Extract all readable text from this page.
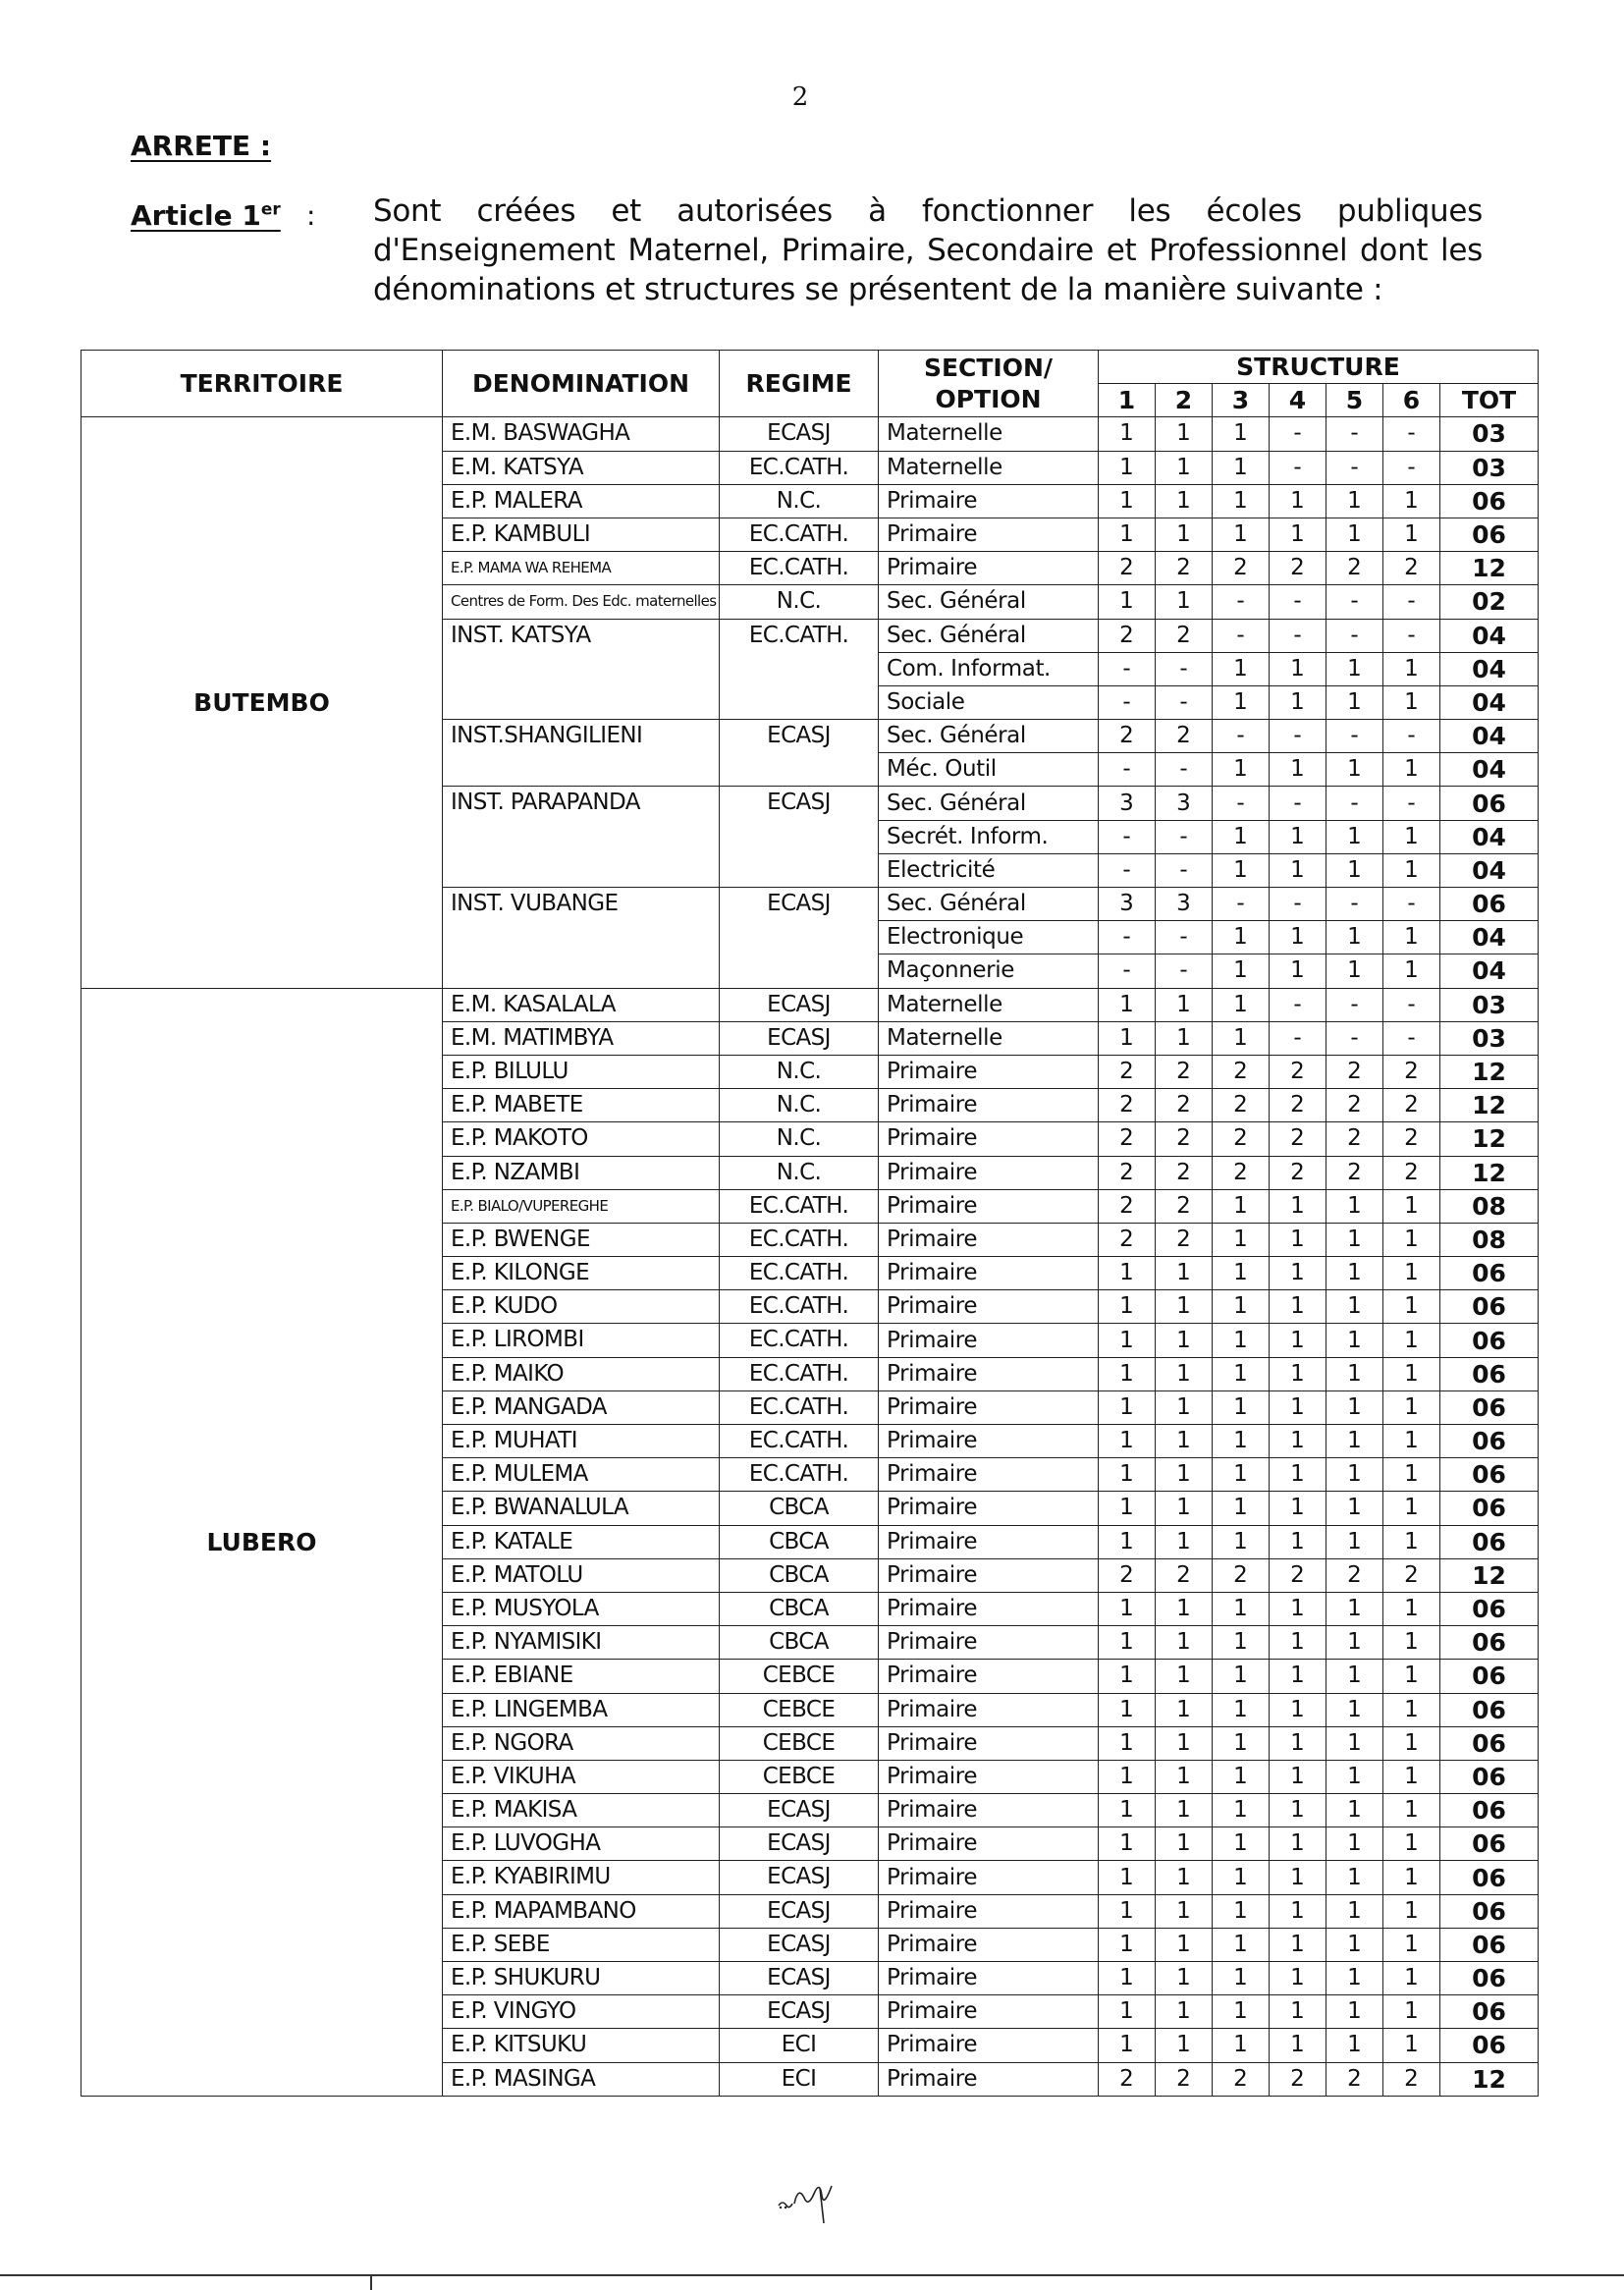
2
ARRETE :
Article 1er : Sont créées et autorisées à fonctionner les écoles publiques d'Enseignement Maternel, Primaire, Secondaire et Professionnel dont les dénominations et structures se présentent de la manière suivante :
TERRITOIRE	DENOMINATION	REGIME	SECTION/ OPTION	STRUCTURE						
				1	2	3	4	5	6	TOT
BUTEMBO	E.M. BASWAGHA	ECASJ	Maternelle	1	1	1	-	-	-	03
	E.M. KATSYA	EC.CATH.	Maternelle	1	1	1	-	-	-	03
	E.P. MALERA	N.C.	Primaire	1	1	1	1	1	1	06
	E.P. KAMBULI	EC.CATH.	Primaire	1	1	1	1	1	1	06
	E.P. MAMA WA REHEMA	EC.CATH.	Primaire	2	2	2	2	2	2	12
	Centres de Form. Des Edc. maternelles	N.C.	Sec. Général	1	1	-	-	-	-	02
	INST. KATSYA	EC.CATH.	Sec. Général	2	2	-	-	-	-	04
			Com. Informat.	-	-	1	1	1	1	04
			Sociale	-	-	1	1	1	1	04
	INST.SHANGILIENI	ECASJ	Sec. Général	2	2	-	-	-	-	04
			Méc. Outil	-	-	1	1	1	1	04
	INST. PARAPANDA	ECASJ	Sec. Général	3	3	-	-	-	-	06
			Secrét. Inform.	-	-	1	1	1	1	04
			Electricité	-	-	1	1	1	1	04
	INST. VUBANGE	ECASJ	Sec. Général	3	3	-	-	-	-	06
			Electronique	-	-	1	1	1	1	04
			Maçonnerie	-	-	1	1	1	1	04
LUBERO	E.M. KASALALA	ECASJ	Maternelle	1	1	1	-	-	-	03
	E.M. MATIMBYA	ECASJ	Maternelle	1	1	1	-	-	-	03
	E.P. BILULU	N.C.	Primaire	2	2	2	2	2	2	12
	E.P. MABETE	N.C.	Primaire	2	2	2	2	2	2	12
	E.P. MAKOTO	N.C.	Primaire	2	2	2	2	2	2	12
	E.P. NZAMBI	N.C.	Primaire	2	2	2	2	2	2	12
	E.P. BIALO/VUPEREGHE	EC.CATH.	Primaire	2	2	1	1	1	1	08
	E.P. BWENGE	EC.CATH.	Primaire	2	2	1	1	1	1	08
	E.P. KILONGE	EC.CATH.	Primaire	1	1	1	1	1	1	06
	E.P. KUDO	EC.CATH.	Primaire	1	1	1	1	1	1	06
	E.P. LIROMBI	EC.CATH.	Primaire	1	1	1	1	1	1	06
	E.P. MAIKO	EC.CATH.	Primaire	1	1	1	1	1	1	06
	E.P. MANGADA	EC.CATH.	Primaire	1	1	1	1	1	1	06
	E.P. MUHATI	EC.CATH.	Primaire	1	1	1	1	1	1	06
	E.P. MULEMA	EC.CATH.	Primaire	1	1	1	1	1	1	06
	E.P. BWANALULA	CBCA	Primaire	1	1	1	1	1	1	06
	E.P. KATALE	CBCA	Primaire	1	1	1	1	1	1	06
	E.P. MATOLU	CBCA	Primaire	2	2	2	2	2	2	12
	E.P. MUSYOLA	CBCA	Primaire	1	1	1	1	1	1	06
	E.P. NYAMISIKI	CBCA	Primaire	1	1	1	1	1	1	06
	E.P. EBIANE	CEBCE	Primaire	1	1	1	1	1	1	06
	E.P. LINGEMBA	CEBCE	Primaire	1	1	1	1	1	1	06
	E.P. NGORA	CEBCE	Primaire	1	1	1	1	1	1	06
	E.P. VIKUHA	CEBCE	Primaire	1	1	1	1	1	1	06
	E.P. MAKISA	ECASJ	Primaire	1	1	1	1	1	1	06
	E.P. LUVOGHA	ECASJ	Primaire	1	1	1	1	1	1	06
	E.P. KYABIRIMU	ECASJ	Primaire	1	1	1	1	1	1	06
	E.P. MAPAMBANO	ECASJ	Primaire	1	1	1	1	1	1	06
	E.P. SEBE	ECASJ	Primaire	1	1	1	1	1	1	06
	E.P. SHUKURU	ECASJ	Primaire	1	1	1	1	1	1	06
	E.P. VINGYO	ECASJ	Primaire	1	1	1	1	1	1	06
	E.P. KITSUKU	ECI	Primaire	1	1	1	1	1	1	06
	E.P. MASINGA	ECI	Primaire	2	2	2	2	2	2	12
